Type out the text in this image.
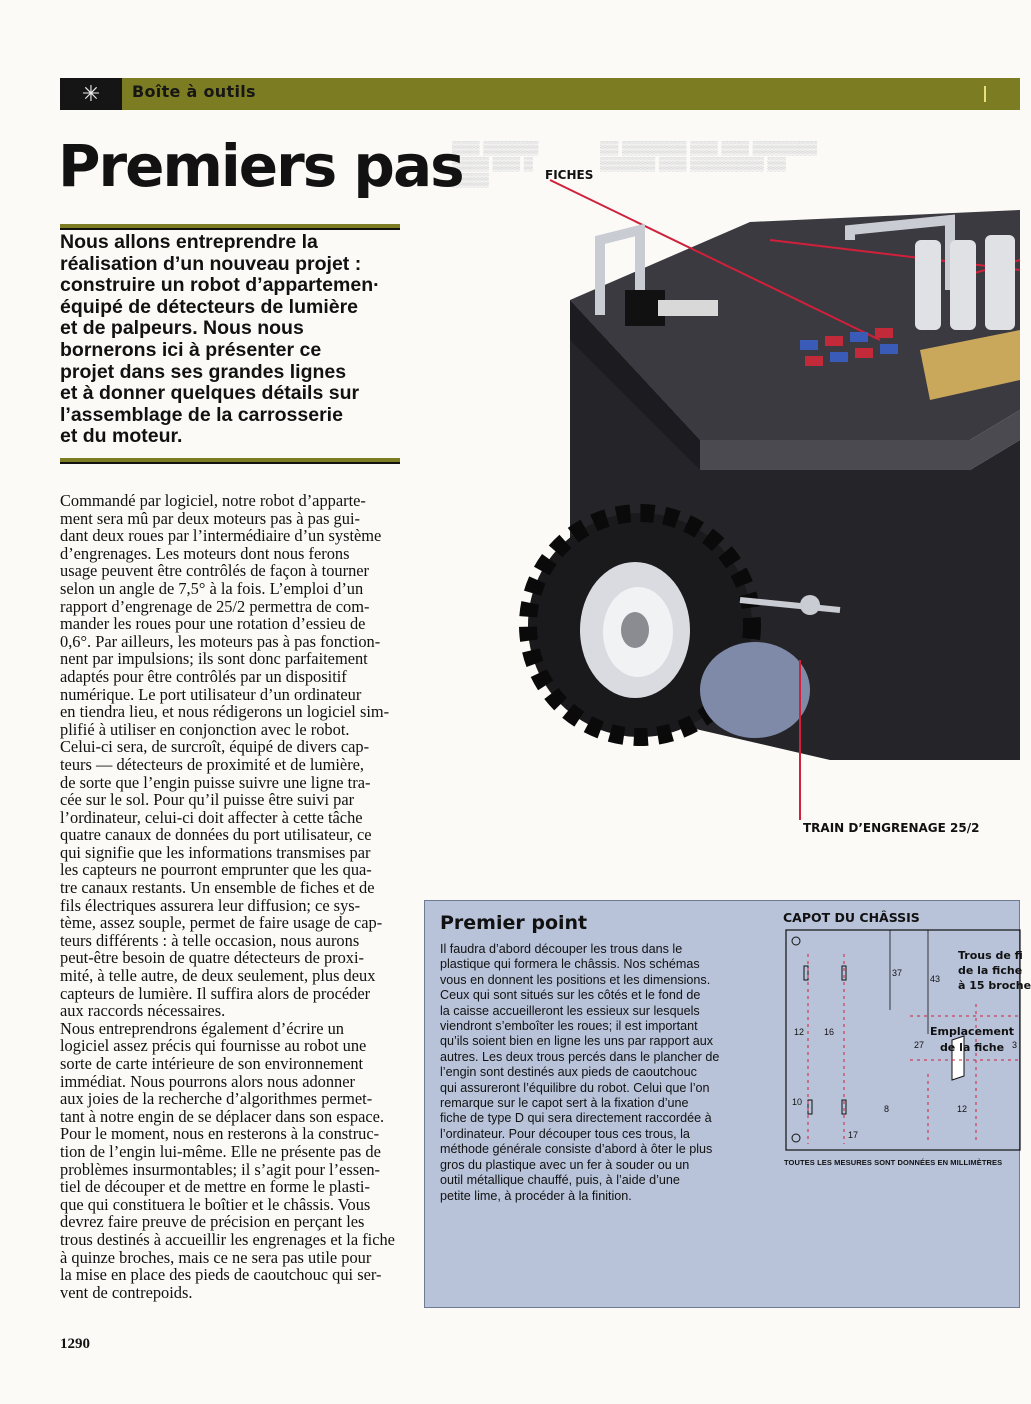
✳	Boîte à outils
▒▒▒ ▒▒▒▒▒▒
▒▒▒▒ ▒▒▒ ▒
▒▒▒▒
▒▒ ▒▒▒▒▒▒▒ ▒▒▒ ▒▒▒ ▒▒▒▒▒▒▒
▒▒▒▒▒▒ ▒▒▒ ▒▒▒▒▒▒▒▒ ▒▒
Premiers pas
Nous allons entreprendre la
réalisation d’un nouveau projet :
construire un robot d’appartemen·
équipé de détecteurs de lumière
et de palpeurs. Nous nous
bornerons ici à présenter ce
projet dans ses grandes lignes
et à donner quelques détails sur
l’assemblage de la carrosserie
et du moteur.
Commandé par logiciel, notre robot d’apparte-
ment sera mû par deux moteurs pas à pas gui-
dant deux roues par l’intermédiaire d’un système
d’engrenages. Les moteurs dont nous ferons
usage peuvent être contrôlés de façon à tourner
selon un angle de 7,5° à la fois. L’emploi d’un
rapport d’engrenage de 25/2 permettra de com-
mander les roues pour une rotation d’essieu de
0,6°. Par ailleurs, les moteurs pas à pas fonction-
nent par impulsions; ils sont donc parfaitement
adaptés pour être contrôlés par un dispositif
numérique. Le port utilisateur d’un ordinateur
en tiendra lieu, et nous rédigerons un logiciel sim-
plifié à utiliser en conjonction avec le robot.
Celui-ci sera, de surcroît, équipé de divers cap-
teurs — détecteurs de proximité et de lumière,
de sorte que l’engin puisse suivre une ligne tra-
cée sur le sol. Pour qu’il puisse être suivi par
l’ordinateur, celui-ci doit affecter à cette tâche
quatre canaux de données du port utilisateur, ce
qui signifie que les informations transmises par
les capteurs ne pourront emprunter que les qua-
tre canaux restants. Un ensemble de fiches et de
fils électriques assurera leur diffusion; ce sys-
tème, assez souple, permet de faire usage de cap-
teurs différents : à telle occasion, nous aurons
peut-être besoin de quatre détecteurs de proxi-
mité, à telle autre, de deux seulement, plus deux
capteurs de lumière. Il suffira alors de procéder
aux raccords nécessaires.
Nous entreprendrons également d’écrire un
logiciel assez précis qui fournisse au robot une
sorte de carte intérieure de son environnement
immédiat. Nous pourrons alors nous adonner
aux joies de la recherche d’algorithmes permet-
tant à notre engin de se déplacer dans son espace.
Pour le moment, nous en resterons à la construc-
tion de l’engin lui-même. Elle ne présente pas de
problèmes insurmontables; il s’agit pour l’essen-
tiel de découper et de mettre en forme le plasti-
que qui constituera le boîtier et le châssis. Vous
devrez faire preuve de précision en perçant les
trous destinés à accueillir les engrenages et la fiche
à quinze broches, mais ce ne sera pas utile pour
la mise en place des pieds de caoutchouc qui ser-
vent de contrepoids.
1290
FICHES
TRAIN D’ENGRENAGE 25/2
Premier point
Il faudra d’abord découper les trous dans le
plastique qui formera le châssis. Nos schémas
vous en donnent les positions et les dimensions.
Ceux qui sont situés sur les côtés et le fond de
la caisse accueilleront les essieux sur lesquels
viendront s’emboîter les roues; il est important
qu’ils soient bien en ligne les uns par rapport aux
autres. Les deux trous percés dans le plancher de
l’engin sont destinés aux pieds de caoutchouc
qui assureront l’équilibre du robot. Celui que l’on
remarque sur le capot sert à la fixation d’une
fiche de type D qui sera directement raccordée à
l’ordinateur. Pour découper tous ces trous, la
méthode générale consiste d’abord à ôter le plus
gros du plastique avec un fer à souder ou un
outil métallique chauffé, puis, à l’aide d’une
petite lime, à procéder à la finition.
CAPOT DU CHÂSSIS
37
43
12 16
27
10
8
17
12
3
Trous de fi
de la fiche
à 15 broche
Emplacement
de la fiche
TOUTES LES MESURES SONT DONNÉES EN MILLIMÈTRES
